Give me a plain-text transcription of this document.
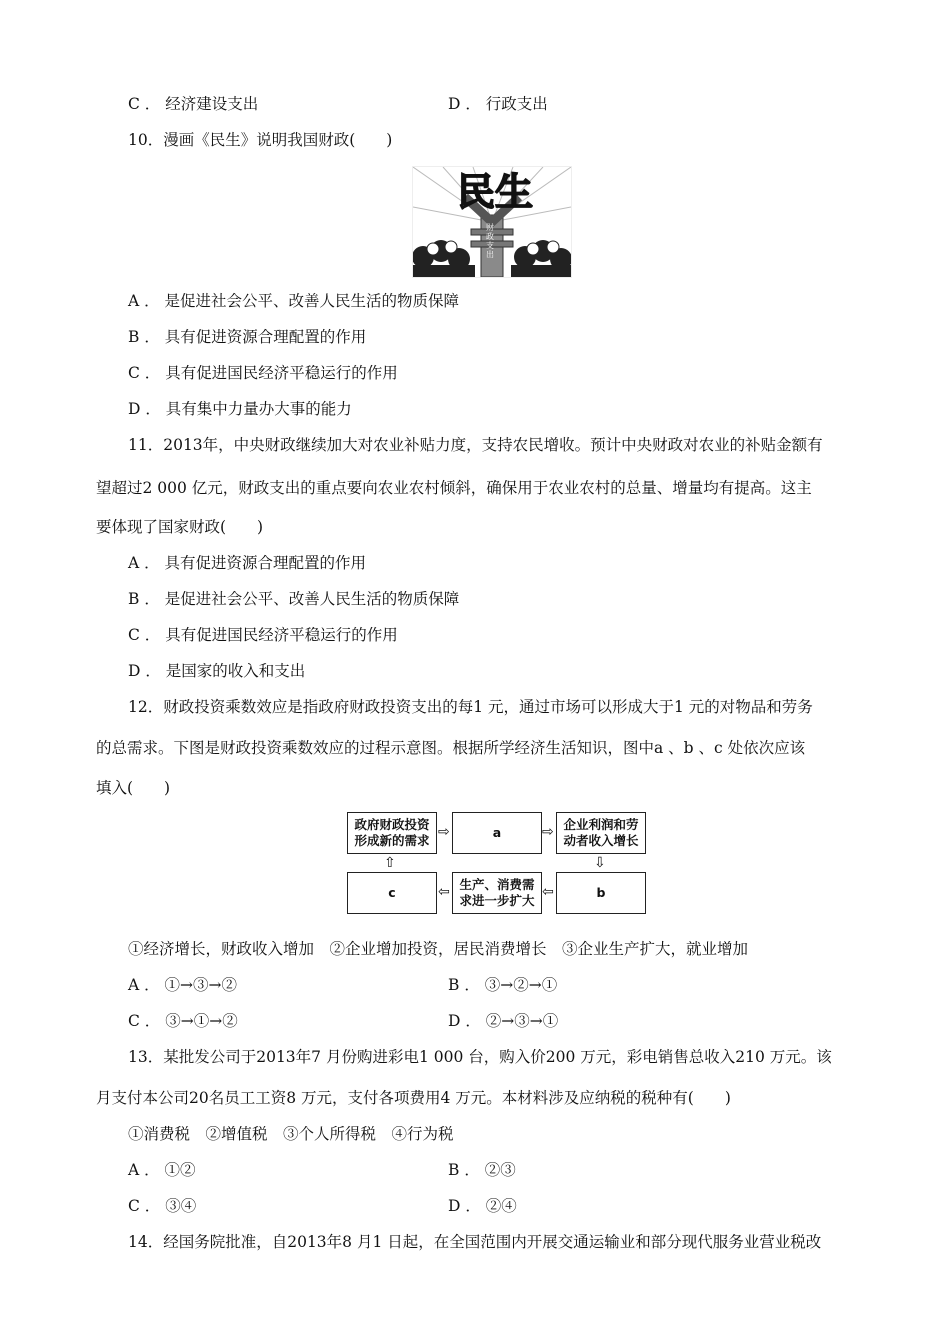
C ． 经济建设支出	D ． 行政支出
10．漫画《民生》说明我国财政(　　)
民生
财政支出
A ． 是促进社会公平、改善人民生活的物质保障
B ． 具有促进资源合理配置的作用
C ． 具有促进国民经济平稳运行的作用
D ． 具有集中力量办大事的能力
11．2013年，中央财政继续加大对农业补贴力度，支持农民增收。预计中央财政对农业的补贴金额有
望超过2 000 亿元，财政支出的重点要向农业农村倾斜，确保用于农业农村的总量、增量均有提高。这主
要体现了国家财政(　　)
A ． 具有促进资源合理配置的作用
B ． 是促进社会公平、改善人民生活的物质保障
C ． 具有促进国民经济平稳运行的作用
D ． 是国家的收入和支出
12．财政投资乘数效应是指政府财政投资支出的每1 元，通过市场可以形成大于1 元的对物品和劳务
的总需求。下图是财政投资乘数效应的过程示意图。根据所学经济生活知识，图中a 、b 、c 处依次应该
填入(　　)
政府财政投资
形成新的需求
⇨	a	⇨ 企业利润和劳
动者收入增长
⇩
b
⇦
生产、消费需
求进一步扩大
⇦
c
⇧
①经济增长，财政收入增加　②企业增加投资，居民消费增长　③企业生产扩大，就业增加
A ． ①→③→②	B ． ③→②→①
C ． ③→①→②	D ． ②→③→①
13．某批发公司于2013年7 月份购进彩电1 000 台，购入价200 万元，彩电销售总收入210 万元。该
月支付本公司20名员工工资8 万元，支付各项费用4 万元。本材料涉及应纳税的税种有(　　)
①消费税　②增值税　③个人所得税　④行为税
A ． ①②	B ． ②③
C ． ③④	D ． ②④
14．经国务院批准，自2013年8 月1 日起，在全国范围内开展交通运输业和部分现代服务业营业税改
